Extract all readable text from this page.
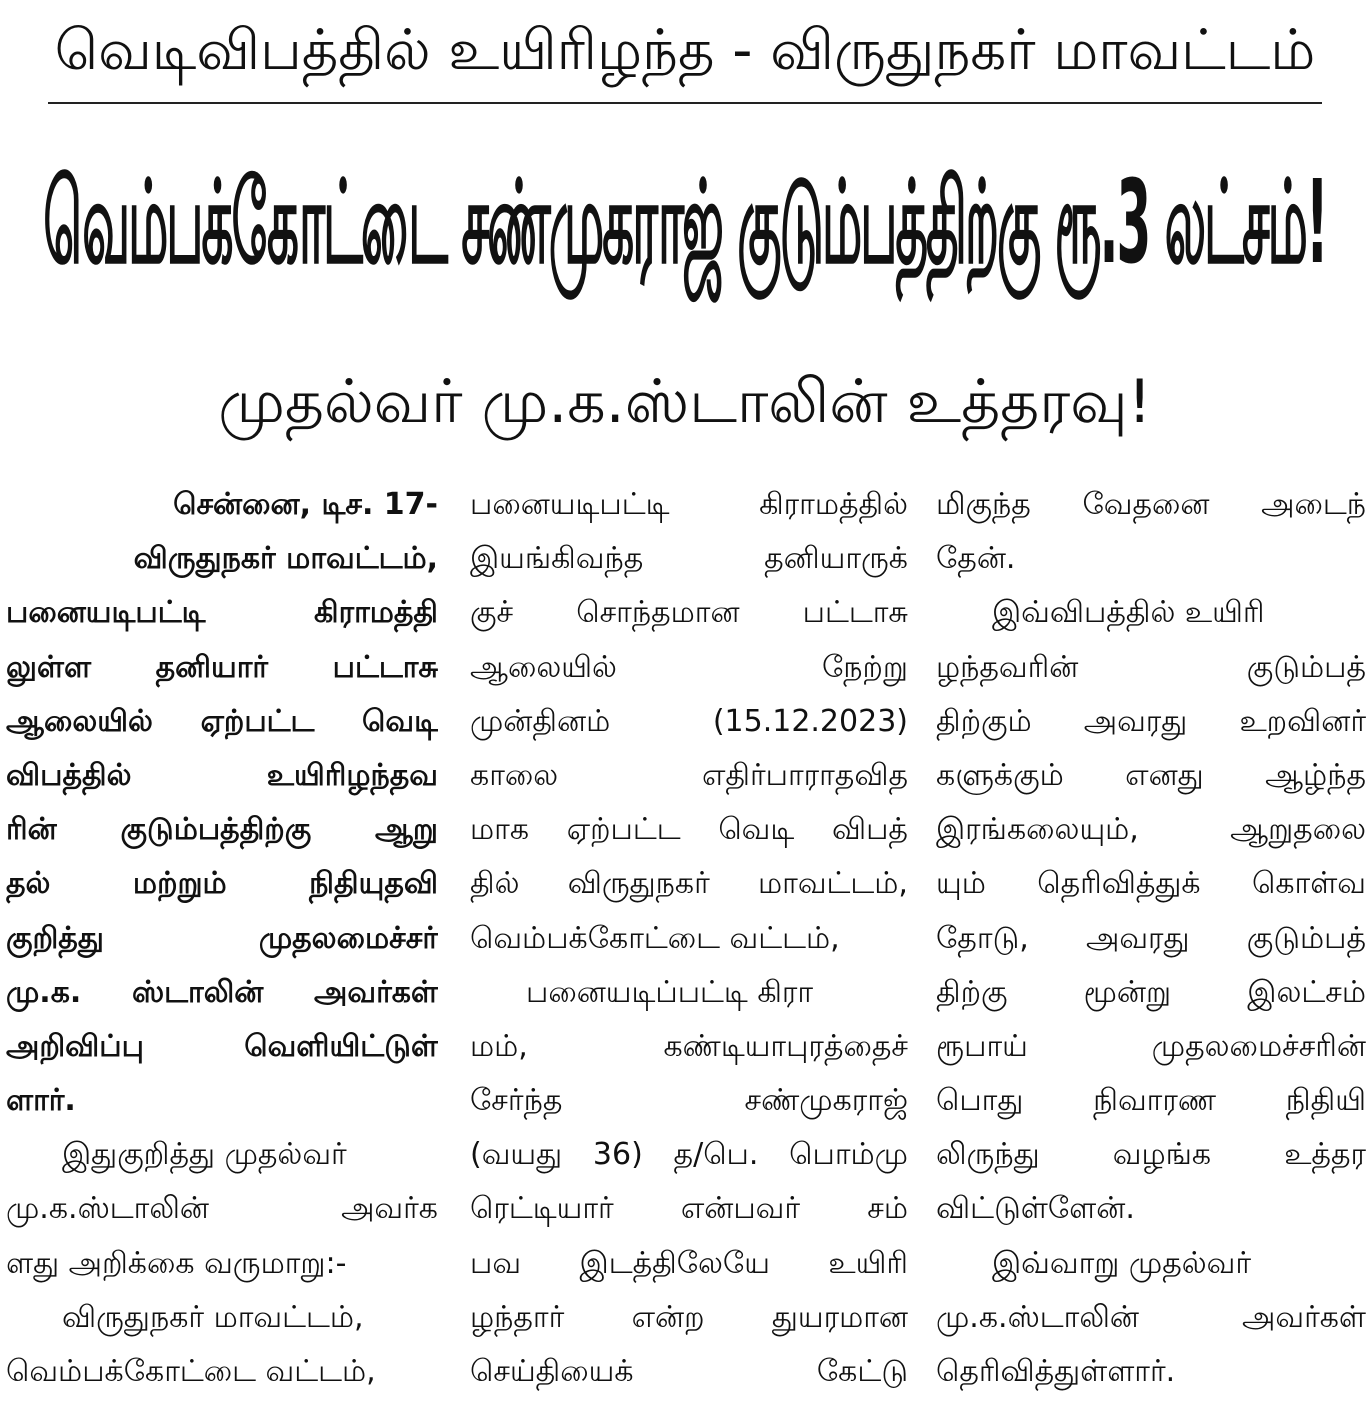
வெடிவிபத்தில் உயிரிழந்த - விருதுநகர் மாவட்டம்
வெம்பக்கோட்டை சண்முகராஜ் குடும்பத்திற்கு ரூ.3 லட்சம்!
முதல்வர் மு.க.ஸ்டாலின் உத்தரவு!
சென்னை, டிச. 17-
விருதுநகர் மாவட்டம்,
பனையடிபட்டி	கிராமத்தி
லுள்ள தனியார் பட்டாசு
ஆலையில் ஏற்பட்ட வெடி
விபத்தில்	உயிரிழந்தவ
ரின் குடும்பத்திற்கு ஆறு
தல்	மற்றும்	நிதியுதவி
குறித்து	முதலமைச்சர்
மு.க. ஸ்டாலின் அவர்கள்
அறிவிப்பு	வெளியிட்டுள்
ளார்.
இதுகுறித்து முதல்வர்
மு.க.ஸ்டாலின்	அவர்க
ளது அறிக்கை வருமாறு:-
விருதுநகர் மாவட்டம்,
வெம்பக்கோட்டை வட்டம்,
பனையடிபட்டி	கிராமத்தில்
இயங்கிவந்த	தனியாருக்
குச் சொந்தமான பட்டாசு
ஆலையில்	நேற்று
முன்தினம்	(15.12.2023)
காலை	எதிர்பாராதவித
மாக ஏற்பட்ட வெடி விபத்
தில் விருதுநகர் மாவட்டம்,
வெம்பக்கோட்டை வட்டம்,
பனையடிப்பட்டி கிரா
மம்,	கண்டியாபுரத்தைச்
சேர்ந்த	சண்முகராஜ்
(வயது 36) த/பெ. பொம்மு
ரெட்டியார் என்பவர் சம்
பவ இடத்திலேயே உயிரி
ழந்தார் என்ற துயரமான
செய்தியைக்	கேட்டு
மிகுந்த வேதனை அடைந்
தேன்.
இவ்விபத்தில் உயிரி
ழந்தவரின்	குடும்பத்
திற்கும் அவரது உறவினர்
களுக்கும் எனது ஆழ்ந்த
இரங்கலையும்,	ஆறுதலை
யும் தெரிவித்துக் கொள்வ
தோடு, அவரது குடும்பத்
திற்கு	மூன்று	இலட்சம்
ரூபாய்	முதலமைச்சரின்
பொது நிவாரண நிதியி
லிருந்து வழங்க உத்தர
விட்டுள்ளேன்.
இவ்வாறு முதல்வர்
மு.க.ஸ்டாலின்	அவர்கள்
தெரிவித்துள்ளார்.
